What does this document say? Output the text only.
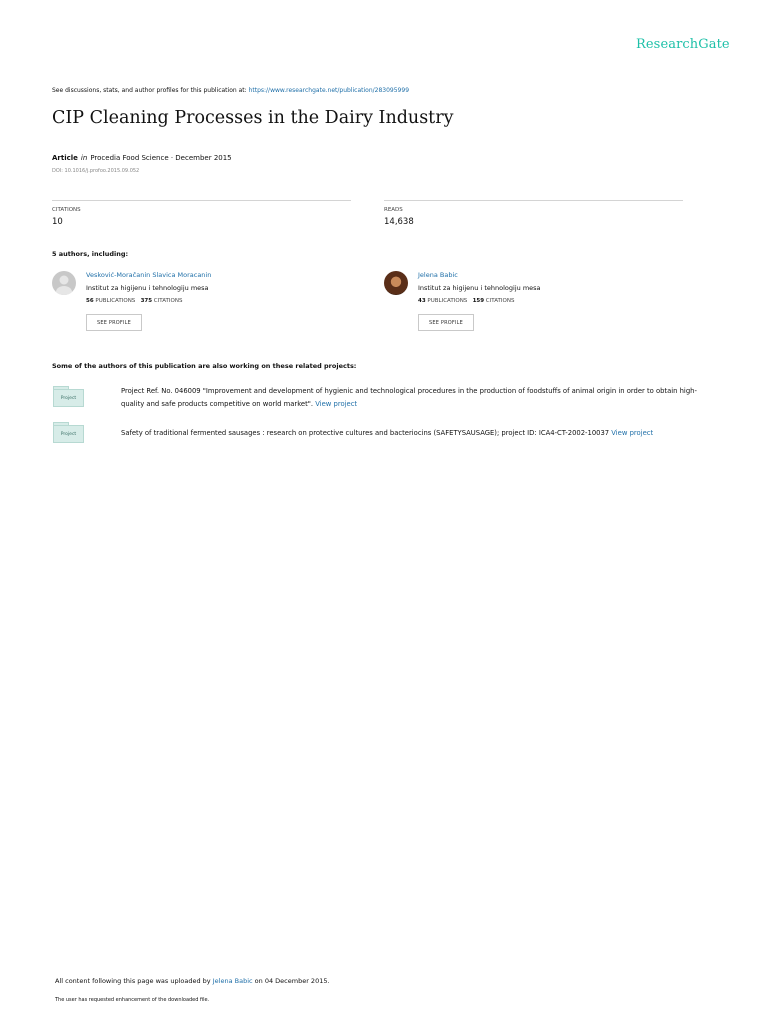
ResearchGate
See discussions, stats, and author profiles for this publication at: https://www.researchgate.net/publication/283095999
CIP Cleaning Processes in the Dairy Industry
Article in Procedia Food Science · December 2015
DOI: 10.1016/j.profoo.2015.09.052
CITATIONS
10
READS
14,638
5 authors, including:
Vesković-Moračanin Slavica Moracanin
Institut za higijenu i tehnologiju mesa
56 PUBLICATIONS 375 CITATIONS
SEE PROFILE
Jelena Babic
Institut za higijenu i tehnologiju mesa
43 PUBLICATIONS 159 CITATIONS
SEE PROFILE
Some of the authors of this publication are also working on these related projects:
Project
Project Ref. No. 046009 "Improvement and development of hygienic and technological procedures in the production of foodstuffs of animal origin in order to obtain high-quality and safe products competitive on world market". View project
Project	Safety of traditional fermented sausages : research on protective cultures and bacteriocins (SAFETYSAUSAGE); project ID: ICA4-CT-2002-10037 View project
All content following this page was uploaded by Jelena Babic on 04 December 2015.
The user has requested enhancement of the downloaded file.
